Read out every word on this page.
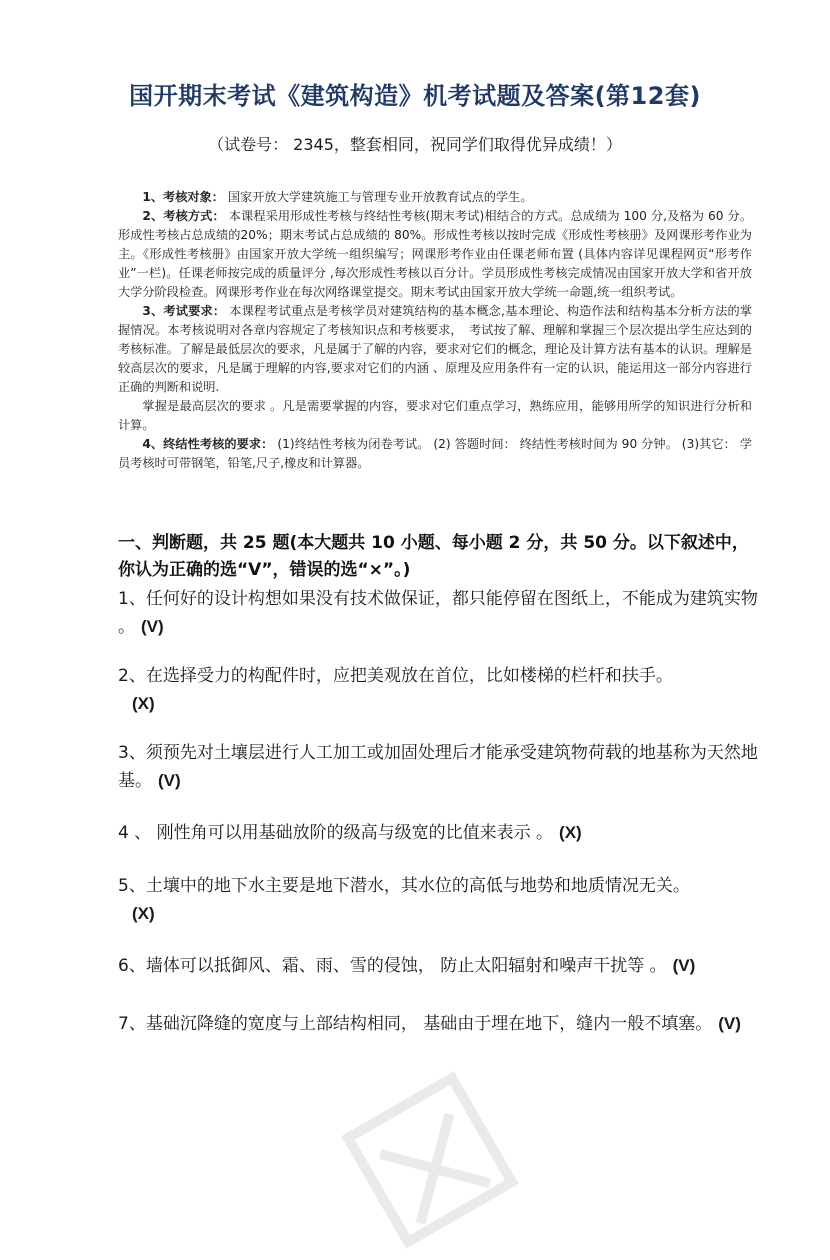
国开期末考试《建筑构造》机考试题及答案(第12套)
（试卷号： 2345，整套相同，祝同学们取得优异成绩！）

1、考核对象： 国家开放大学建筑施工与管理专业开放教育试点的学生。

2、考核方式： 本课程采用形成性考核与终结性考核(期末考试)相结合的方式。总成绩为 100 分,及格为 60 分。形成性考核占总成绩的20%；期末考试占总成绩的 80%。形成性考核以按时完成《形成性考核册》及网课形考作业为主。《形成性考核册》由国家开放大学统一组织编写；网课形考作业由任课老师布置 (具体内容详见课程网页“形考作业”一栏)。任课老师按完成的质量评分 ,每次形成性考核以百分计。学员形成性考核完成情况由国家开放大学和省开放大学分阶段检查。网课形考作业在每次网络课堂提交。期末考试由国家开放大学统一命题,统一组织考试。

3、考试要求： 本课程考试重点是考核学员对建筑结构的基本概念,基本理论、构造作法和结构基本分析方法的掌握情况。本考核说明对各章内容规定了考核知识点和考核要求，　考试按了解、理解和掌握三个层次提出学生应达到的考核标准。了解是最低层次的要求，凡是属于了解的内容，要求对它们的概念，理论及计算方法有基本的认识。理解是较高层次的要求，凡是属于理解的内容,要求对它们的内涵 、原理及应用条件有一定的认识，能运用这一部分内容进行正确的判断和说明.

掌握是最高层次的要求 。凡是需要掌握的内容，要求对它们重点学习，熟练应用，能够用所学的知识进行分析和计算。

4、终结性考核的要求： (1)终结性考核为闭卷考试。 (2) 答题时间： 终结性考核时间为 90 分钟。 (3)其它： 学员考核时可带钢笔，铅笔,尺子,橡皮和计算器。

一、判断题，共 25 题(本大题共 10 小题、每小题 2 分，共 50 分。以下叙述中，你认为正确的选“V”，错误的选“×”。)
1、任何好的设计构想如果没有技术做保证，都只能停留在图纸上，不能成为建筑实物 。 (V)
2、在选择受力的构配件时，应把美观放在首位，比如楼梯的栏杆和扶手。
(X)
3、须预先对土壤层进行人工加工或加固处理后才能承受建筑物荷载的地基称为天然地基。 (V)
4 、 刚性角可以用基础放阶的级高与级宽的比值来表示 。 (X)
5、土壤中的地下水主要是地下潜水，其水位的高低与地势和地质情况无关。
(X)
6、墙体可以抵御风、霜、雨、雪的侵蚀， 防止太阳辐射和噪声干扰等 。 (V)
7、基础沉降缝的宽度与上部结构相同， 基础由于埋在地下，缝内一般不填塞。 (V)
